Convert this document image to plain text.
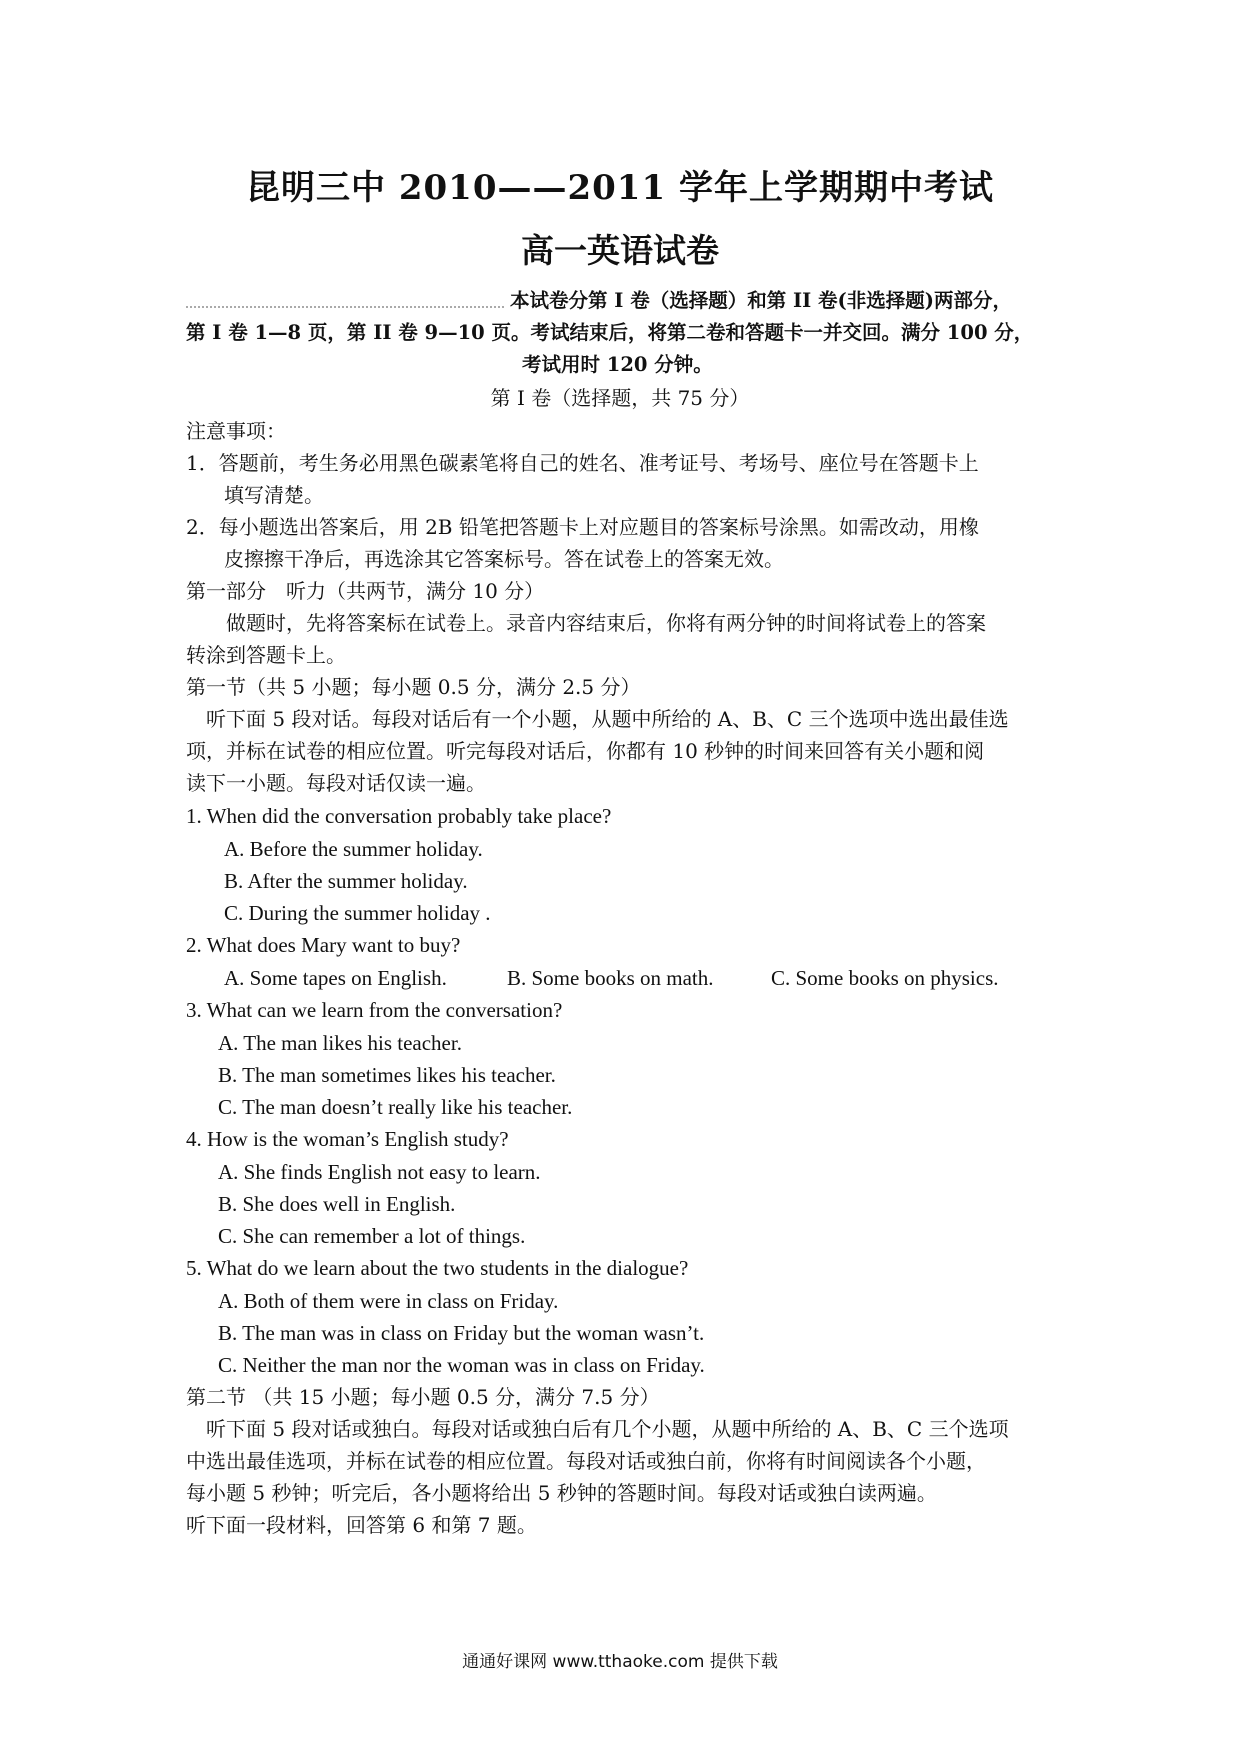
昆明三中 2010——2011 学年上学期期中考试
高一英语试卷
本试卷分第 I 卷（选择题）和第 II 卷(非选择题)两部分，
第 I 卷 1—8 页，第 II 卷 9—10 页。考试结束后，将第二卷和答题卡一并交回。满分 100 分，
考试用时 120 分钟。
第 I 卷（选择题，共 75 分）
注意事项：
1．答题前，考生务必用黑色碳素笔将自己的姓名、准考证号、考场号、座位号在答题卡上
填写清楚。
2．每小题选出答案后，用 2B 铅笔把答题卡上对应题目的答案标号涂黑。如需改动，用橡
皮擦擦干净后，再选涂其它答案标号。答在试卷上的答案无效。
第一部分　听力（共两节，满分 10 分）
做题时，先将答案标在试卷上。录音内容结束后，你将有两分钟的时间将试卷上的答案
转涂到答题卡上。
第一节（共 5 小题；每小题 0.5 分，满分 2.5 分）
听下面 5 段对话。每段对话后有一个小题，从题中所给的 A、B、C 三个选项中选出最佳选
项，并标在试卷的相应位置。听完每段对话后，你都有 10 秒钟的时间来回答有关小题和阅
读下一小题。每段对话仅读一遍。
1. When did the conversation probably take place?
A. Before the summer holiday.
B. After the summer holiday.
C. During the summer holiday .
2. What does Mary want to buy?
A. Some tapes on English.	B. Some books on math.	C. Some books on physics.
3. What can we learn from the conversation?
A. The man likes his teacher.
B. The man sometimes likes his teacher.
C. The man doesn’t really like his teacher.
4. How is the woman’s English study?
A. She finds English not easy to learn.
B. She does well in English.
C. She can remember a lot of things.
5. What do we learn about the two students in the dialogue?
A. Both of them were in class on Friday.
B. The man was in class on Friday but the woman wasn’t.
C. Neither the man nor the woman was in class on Friday.
第二节 （共 15 小题；每小题 0.5 分，满分 7.5 分）
听下面 5 段对话或独白。每段对话或独白后有几个小题，从题中所给的 A、B、C 三个选项
中选出最佳选项，并标在试卷的相应位置。每段对话或独白前，你将有时间阅读各个小题，
每小题 5 秒钟；听完后，各小题将给出 5 秒钟的答题时间。每段对话或独白读两遍。
听下面一段材料，回答第 6 和第 7 题。
通通好课网 www.tthaoke.com 提供下载
